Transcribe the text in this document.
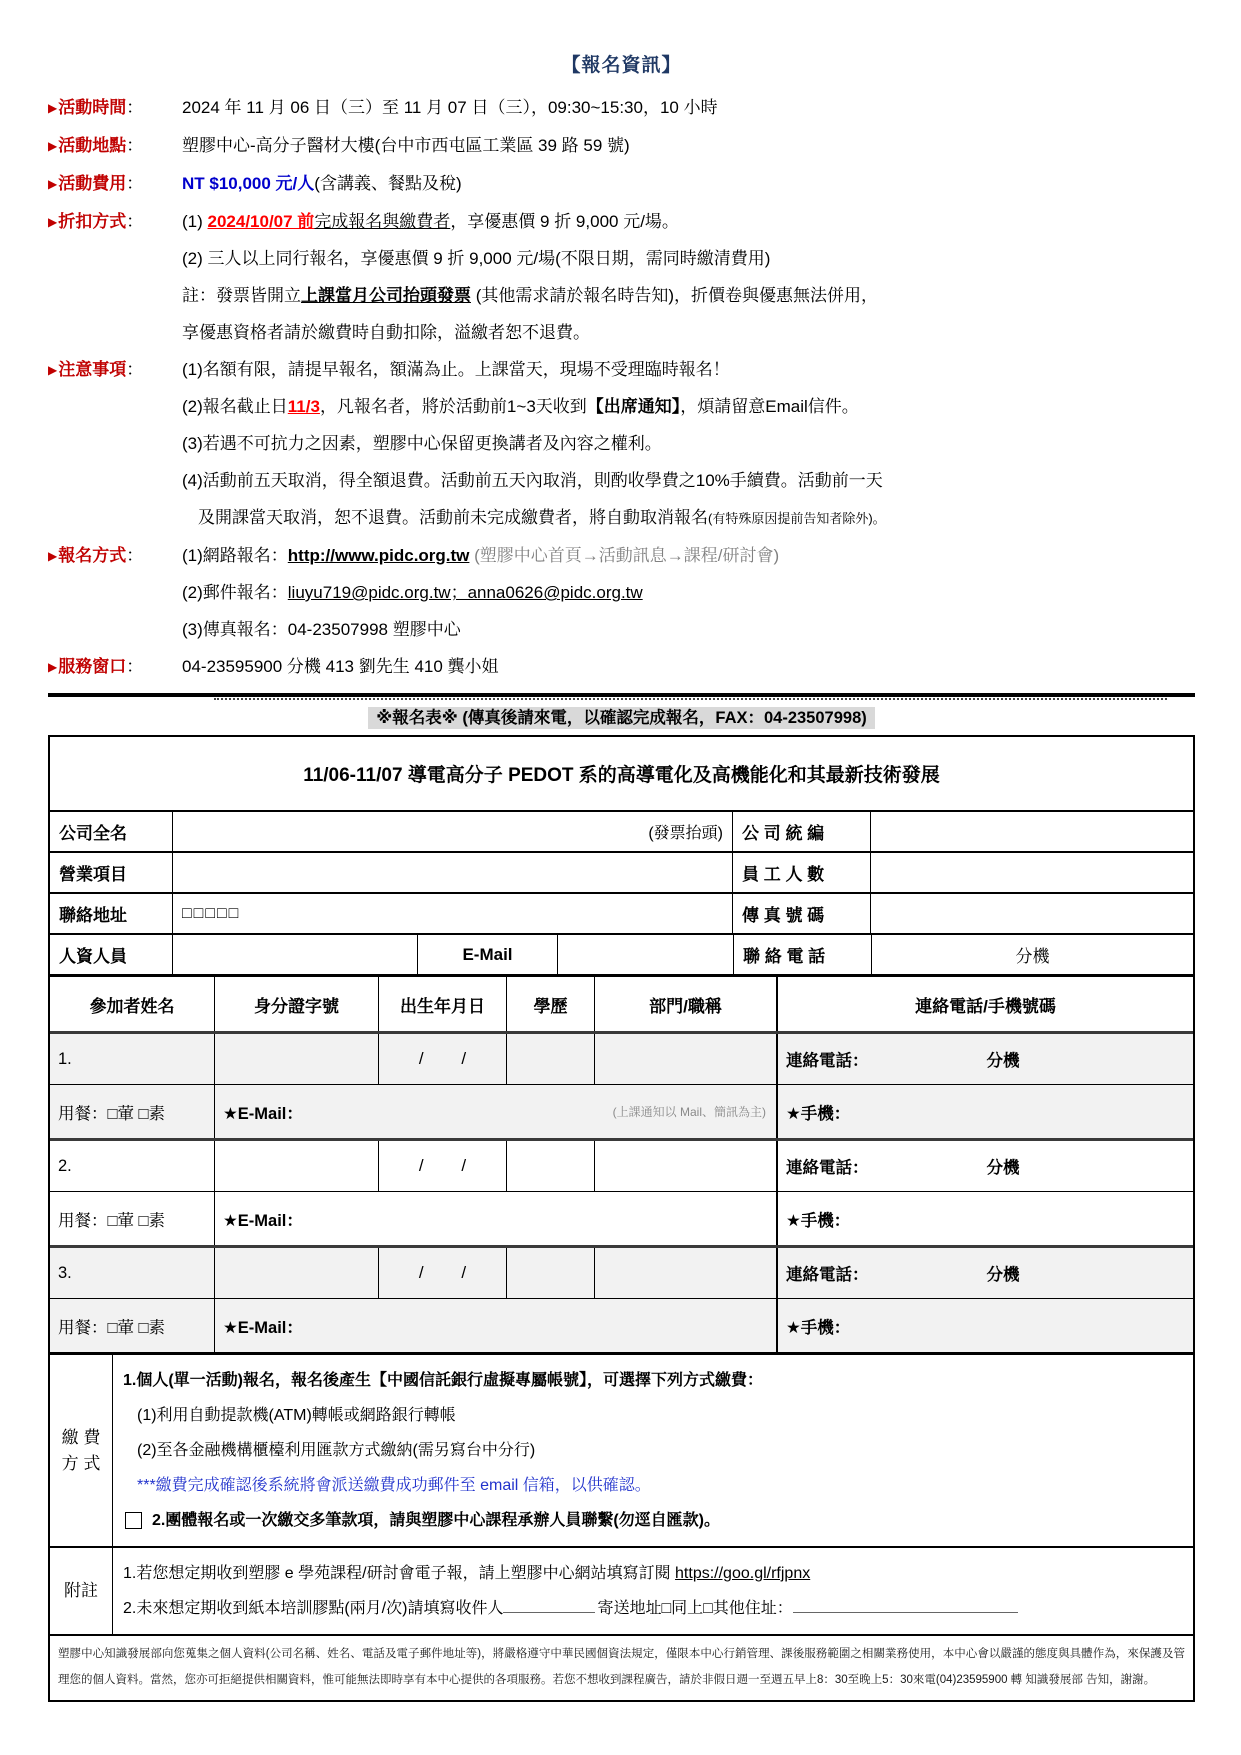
【報名資訊】
▶活動時間：	2024 年 11 月 06 日（三）至 11 月 07 日（三），09:30~15:30，10 小時
▶活動地點：	塑膠中心-高分子醫材大樓(台中市西屯區工業區 39 路 59 號)
▶活動費用：	NT $10,000 元/人(含講義、餐點及稅)
▶折扣方式：	(1) 2024/10/07 前完成報名與繳費者，享優惠價 9 折 9,000 元/場。
(2) 三人以上同行報名，享優惠價 9 折 9,000 元/場(不限日期，需同時繳清費用)
註：發票皆開立上課當月公司抬頭發票 (其他需求請於報名時告知)，折價卷與優惠無法併用，
享優惠資格者請於繳費時自動扣除，溢繳者恕不退費。
▶注意事項：	(1)名額有限，請提早報名，額滿為止。上課當天，現場不受理臨時報名！
(2)報名截止日11/3，凡報名者，將於活動前1~3天收到【出席通知】，煩請留意Email信件。
(3)若遇不可抗力之因素，塑膠中心保留更換講者及內容之權利。
(4)活動前五天取消，得全額退費。活動前五天內取消，則酌收學費之10%手續費。活動前一天
及開課當天取消，恕不退費。活動前未完成繳費者，將自動取消報名(有特殊原因提前告知者除外)。
▶報名方式：	(1)網路報名：http://www.pidc.org.tw (塑膠中心首頁→活動訊息→課程/研討會)
(2)郵件報名：liuyu719@pidc.org.tw；anna0626@pidc.org.tw
(3)傳真報名：04-23507998 塑膠中心
▶服務窗口：	04-23595900 分機 413 劉先生 410 龔小姐
※報名表※ (傳真後請來電，以確認完成報名，FAX：04-23507998)
11/06-11/07 導電高分子 PEDOT 系的高導電化及高機能化和其最新技術發展
公司全名	(發票抬頭)	公 司 統 編
營業項目	員 工 人 數
聯絡地址	□□□□□	傳 真 號 碼
人資人員	E-Mail	聯 絡 電 話	分機
參加者姓名	身分證字號	出生年月日	學歷	部門/職稱	連絡電話/手機號碼
1.	/        /	連絡電話：	分機
用餐：□葷 □素	★E-Mail：	(上課通知以 Mail、簡訊為主)	★手機：
2.	/        /	連絡電話：	分機
用餐：□葷 □素	★E-Mail：	★手機：
3.	/        /	連絡電話：	分機
用餐：□葷 □素	★E-Mail：	★手機：
繳 費
方 式
1.個人(單一活動)報名，報名後產生【中國信託銀行虛擬專屬帳號】，可選擇下列方式繳費：
(1)利用自動提款機(ATM)轉帳或網路銀行轉帳
(2)至各金融機構櫃檯利用匯款方式繳納(需另寫台中分行)
***繳費完成確認後系統將會派送繳費成功郵件至 email 信箱，以供確認。
2.團體報名或一次繳交多筆款項，請與塑膠中心課程承辦人員聯繫(勿逕自匯款)。
附註
1.若您想定期收到塑膠 e 學苑課程/研討會電子報，請上塑膠中心網站填寫訂閱 https://goo.gl/rfjpnx
2.未來想定期收到紙本培訓膠點(兩月/次)請填寫收件人	寄送地址□同上□其他住址：
塑膠中心知識發展部向您蒐集之個人資料(公司名稱、姓名、電話及電子郵件地址等)，將嚴格遵守中華民國個資法規定，僅限本中心行銷管理、課後服務範圍之相關業務使用，本中心會以嚴謹的態度與具體作為，來保護及管理您的個人資料。當然，您亦可拒絕提供相關資料，惟可能無法即時享有本中心提供的各項服務。若您不想收到課程廣告，請於非假日週一至週五早上8：30至晚上5：30來電(04)23595900 轉 知識發展部 告知，謝謝。
